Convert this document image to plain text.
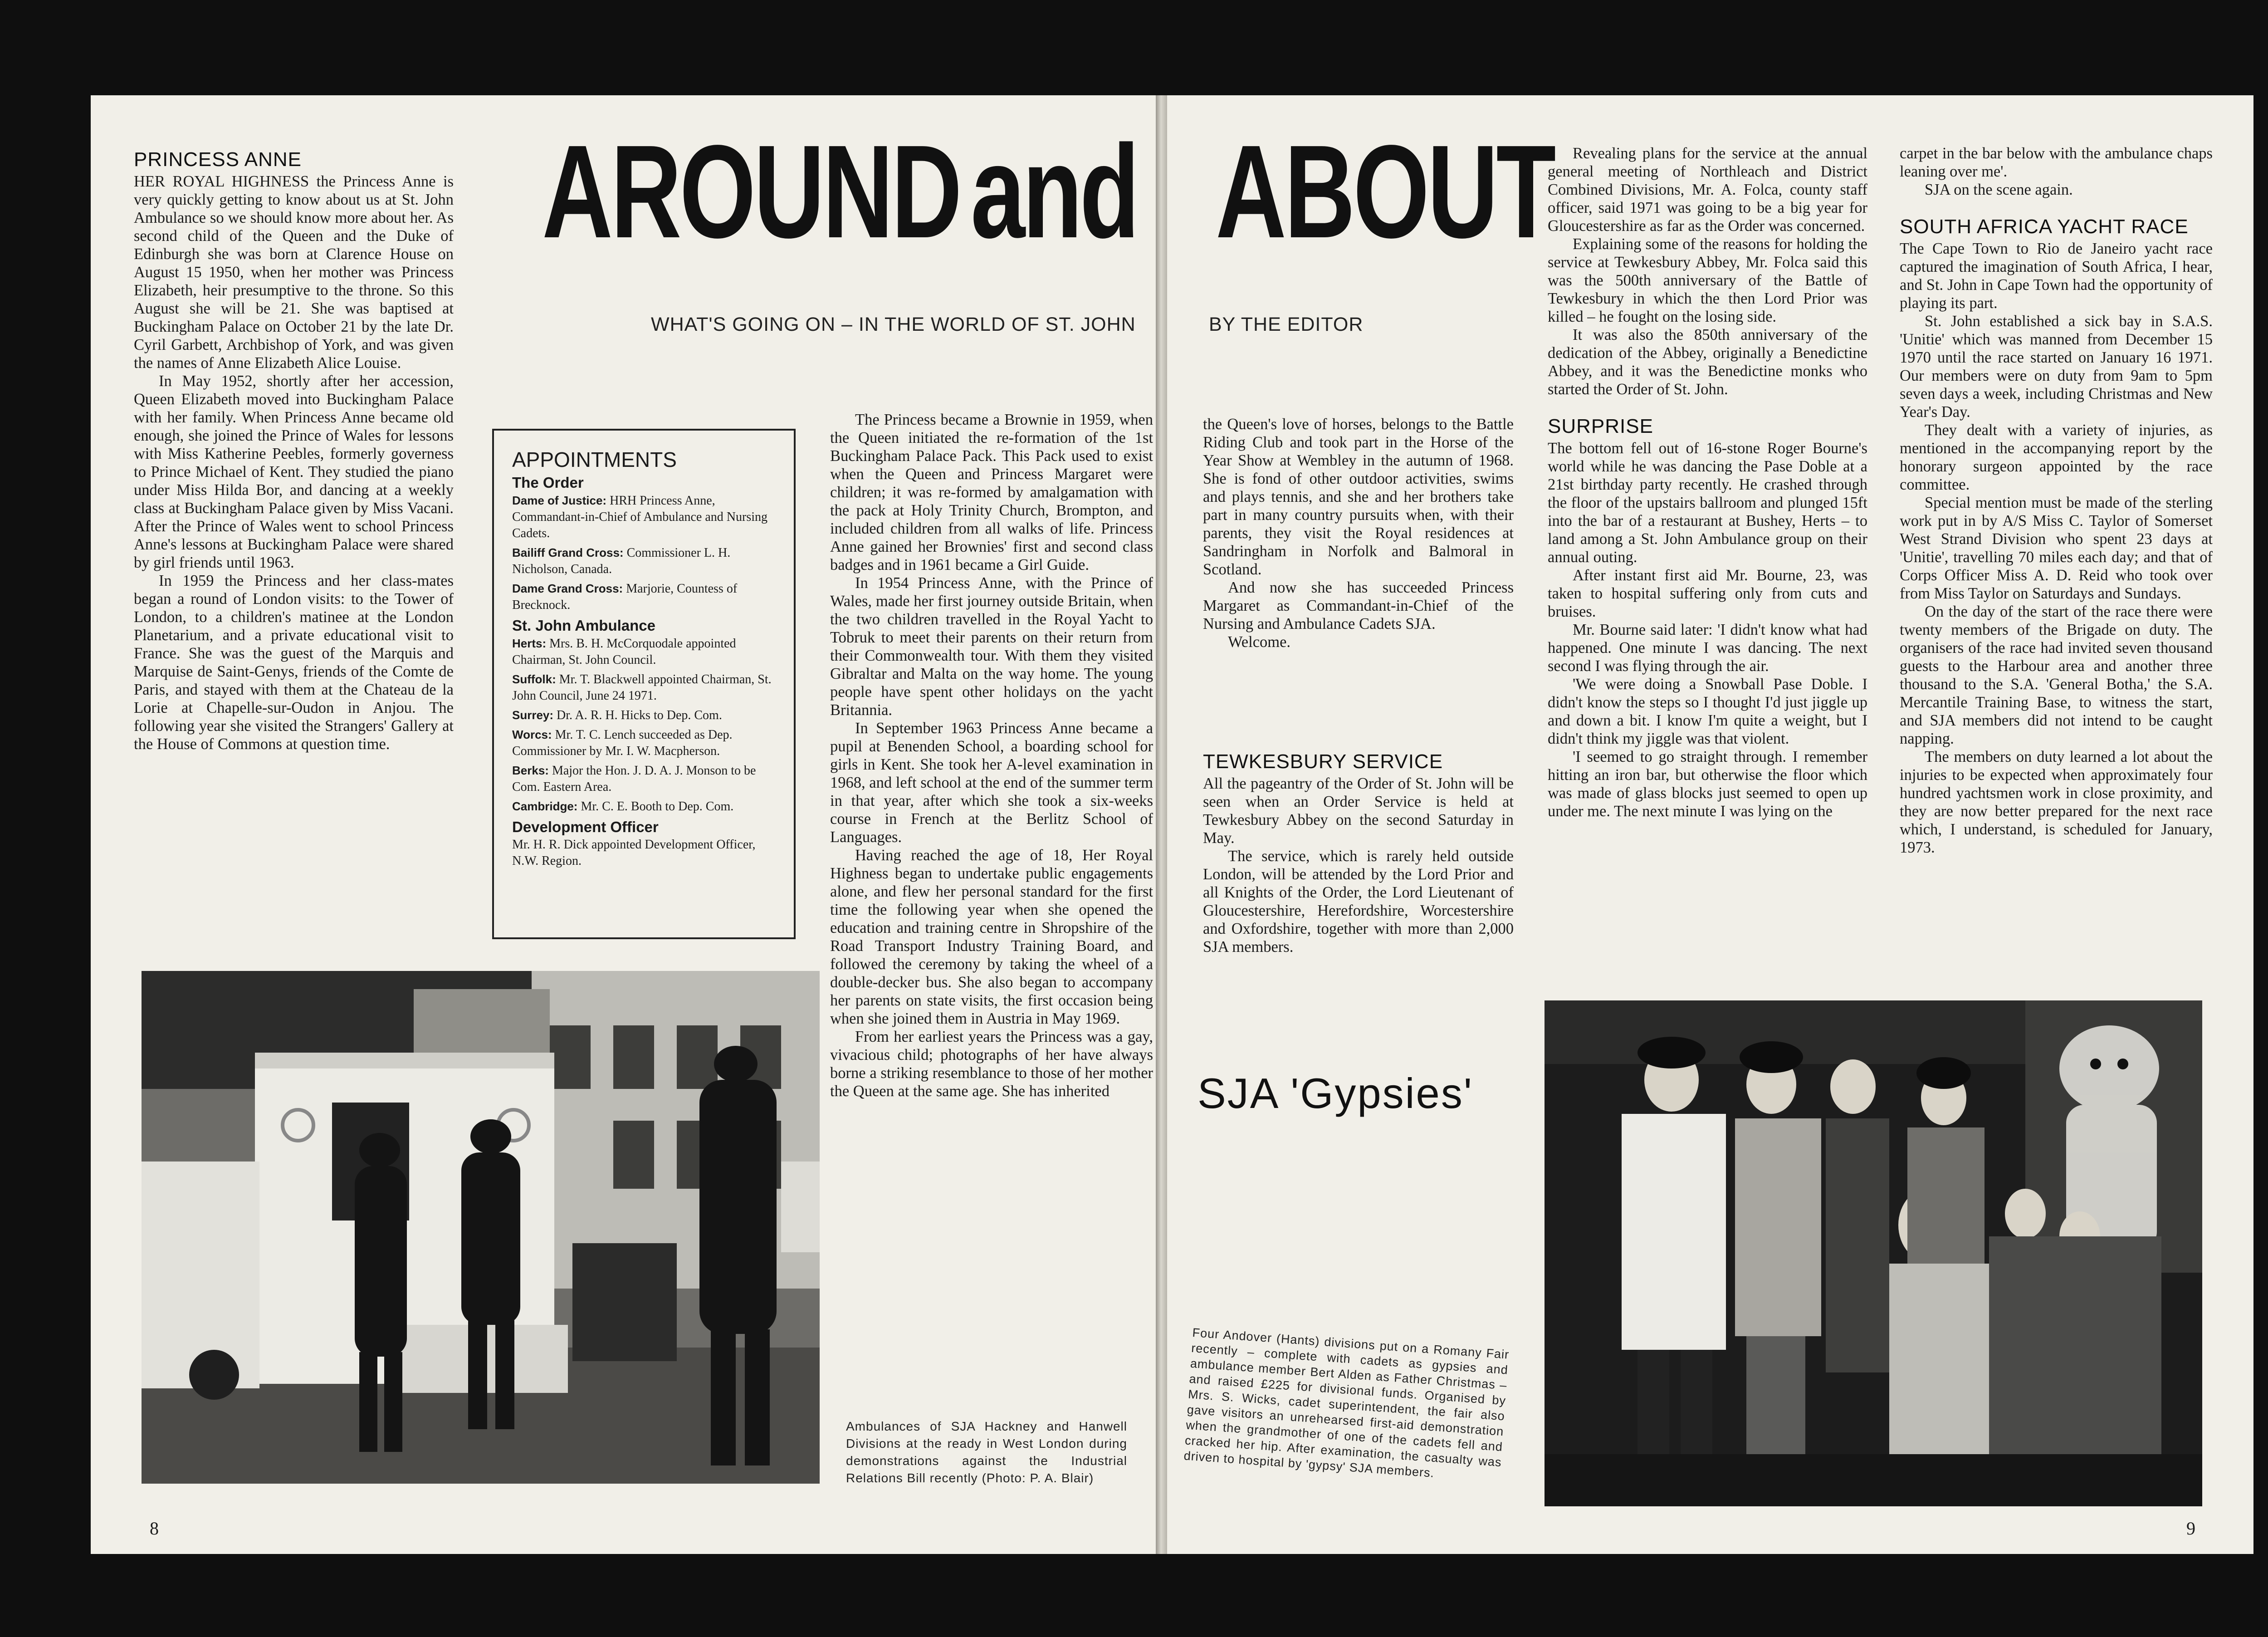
PRINCESS ANNE

HER ROYAL HIGHNESS the Princess Anne is very quickly getting to know about us at St. John Ambulance so we should know more about her. As second child of the Queen and the Duke of Edinburgh she was born at Clarence House on August 15 1950, when her mother was Princess Elizabeth, heir presumptive to the throne. So this August she will be 21. She was baptised at Buckingham Palace on October 21 by the late Dr. Cyril Garbett, Archbishop of York, and was given the names of Anne Elizabeth Alice Louise.

In May 1952, shortly after her accession, Queen Elizabeth moved into Buckingham Palace with her family. When Princess Anne became old enough, she joined the Prince of Wales for lessons with Miss Katherine Peebles, formerly governess to Prince Michael of Kent. They studied the piano under Miss Hilda Bor, and dancing at a weekly class at Buckingham Palace given by Miss Vacani. After the Prince of Wales went to school Princess Anne's lessons at Buckingham Palace were shared by girl friends until 1963.

In 1959 the Princess and her class-mates began a round of London visits: to the Tower of London, to a children's matinee at the London Planetarium, and a private educational visit to France. She was the guest of the Marquis and Marquise de Saint-Genys, friends of the Comte de Paris, and stayed with them at the Chateau de la Lorie at Chapelle-sur-Oudon in Anjou. The following year she visited the Strangers' Gallery at the House of Commons at question time.

AROUND and ABOUT
WHAT'S GOING ON – IN THE WORLD OF ST. JOHN	BY THE EDITOR
APPOINTMENTS
The Order

Dame of Justice: HRH Princess Anne, Commandant-in-Chief of Ambulance and Nursing Cadets.

Bailiff Grand Cross: Commissioner L. H. Nicholson, Canada.

Dame Grand Cross: Marjorie, Countess of Brecknock.

St. John Ambulance

Herts: Mrs. B. H. McCorquodale appointed Chairman, St. John Council.

Suffolk: Mr. T. Blackwell appointed Chairman, St. John Council, June 24 1971.

Surrey: Dr. A. R. H. Hicks to Dep. Com.

Worcs: Mr. T. C. Lench succeeded as Dep. Commissioner by Mr. I. W. Macpherson.

Berks: Major the Hon. J. D. A. J. Monson to be Com. Eastern Area.

Cambridge: Mr. C. E. Booth to Dep. Com.

Development Officer

Mr. H. R. Dick appointed Development Officer, N.W. Region.

The Princess became a Brownie in 1959, when the Queen initiated the re-formation of the 1st Buckingham Palace Pack. This Pack used to exist when the Queen and Princess Margaret were children; it was re-formed by amalgamation with the pack at Holy Trinity Church, Brompton, and included children from all walks of life. Princess Anne gained her Brownies' first and second class badges and in 1961 became a Girl Guide.

In 1954 Princess Anne, with the Prince of Wales, made her first journey outside Britain, when the two children travelled in the Royal Yacht to Tobruk to meet their parents on their return from their Commonwealth tour. With them they visited Gibraltar and Malta on the way home. The young people have spent other holidays on the yacht Britannia.

In September 1963 Princess Anne became a pupil at Benenden School, a boarding school for girls in Kent. She took her A-level examination in 1968, and left school at the end of the summer term in that year, after which she took a six-weeks course in French at the Berlitz School of Languages.

Having reached the age of 18, Her Royal Highness began to undertake public engagements alone, and flew her personal standard for the first time the following year when she opened the education and training centre in Shropshire of the Road Transport Industry Training Board, and followed the ceremony by taking the wheel of a double-decker bus. She also began to accompany her parents on state visits, the first occasion being when she joined them in Austria in May 1969.

From her earliest years the Princess was a gay, vivacious child; photographs of her have always borne a striking resemblance to those of her mother the Queen at the same age. She has inherited

Ambulances of SJA Hackney and Hanwell Divisions at the ready in West London during demonstrations against the Industrial Relations Bill recently (Photo: P. A. Blair)
8

the Queen's love of horses, belongs to the Battle Riding Club and took part in the Horse of the Year Show at Wembley in the autumn of 1968. She is fond of other outdoor activities, swims and plays tennis, and she and her brothers take part in many country pursuits when, with their parents, they visit the Royal residences at Sandringham in Norfolk and Balmoral in Scotland.

And now she has succeeded Princess Margaret as Commandant-in-Chief of the Nursing and Ambulance Cadets SJA.

Welcome.

TEWKESBURY SERVICE

All the pageantry of the Order of St. John will be seen when an Order Service is held at Tewkesbury Abbey on the second Saturday in May.

The service, which is rarely held outside London, will be attended by the Lord Prior and all Knights of the Order, the Lord Lieutenant of Gloucestershire, Herefordshire, Worcestershire and Oxfordshire, together with more than 2,000 SJA members.

SJA 'Gypsies'

Revealing plans for the service at the annual general meeting of Northleach and District Combined Divisions, Mr. A. Folca, county staff officer, said 1971 was going to be a big year for Gloucestershire as far as the Order was concerned.

Explaining some of the reasons for holding the service at Tewkesbury Abbey, Mr. Folca said this was the 500th anniversary of the Battle of Tewkesbury in which the then Lord Prior was killed – he fought on the losing side.

It was also the 850th anniversary of the dedication of the Abbey, originally a Benedictine Abbey, and it was the Benedictine monks who started the Order of St. John.

SURPRISE

The bottom fell out of 16-stone Roger Bourne's world while he was dancing the Pase Doble at a 21st birthday party recently. He crashed through the floor of the upstairs ballroom and plunged 15ft into the bar of a restaurant at Bushey, Herts – to land among a St. John Ambulance group on their annual outing.

After instant first aid Mr. Bourne, 23, was taken to hospital suffering only from cuts and bruises.

Mr. Bourne said later: 'I didn't know what had happened. One minute I was dancing. The next second I was flying through the air.

'We were doing a Snowball Pase Doble. I didn't know the steps so I thought I'd just jiggle up and down a bit. I know I'm quite a weight, but I didn't think my jiggle was that violent.

'I seemed to go straight through. I remember hitting an iron bar, but otherwise the floor which was made of glass blocks just seemed to open up under me. The next minute I was lying on the

carpet in the bar below with the ambulance chaps leaning over me'.

SJA on the scene again.

SOUTH AFRICA YACHT RACE

The Cape Town to Rio de Janeiro yacht race captured the imagination of South Africa, I hear, and St. John in Cape Town had the opportunity of playing its part.

St. John established a sick bay in S.A.S. 'Unitie' which was manned from December 15 1970 until the race started on January 16 1971. Our members were on duty from 9am to 5pm seven days a week, including Christmas and New Year's Day.

They dealt with a variety of injuries, as mentioned in the accompanying report by the honorary surgeon appointed by the race committee.

Special mention must be made of the sterling work put in by A/S Miss C. Taylor of Somerset West Strand Division who spent 23 days at 'Unitie', travelling 70 miles each day; and that of Corps Officer Miss A. D. Reid who took over from Miss Taylor on Saturdays and Sundays.

On the day of the start of the race there were twenty members of the Brigade on duty. The organisers of the race had invited seven thousand guests to the Harbour area and another three thousand to the S.A. 'General Botha,' the S.A. Mercantile Training Base, to witness the start, and SJA members did not intend to be caught napping.

The members on duty learned a lot about the injuries to be expected when approximately four hundred yachtsmen work in close proximity, and they are now better prepared for the next race which, I understand, is scheduled for January, 1973.

Four Andover (Hants) divisions put on a Romany Fair recently – complete with cadets as gypsies and ambulance member Bert Alden as Father Christmas – and raised £225 for divisional funds. Organised by Mrs. S. Wicks, cadet superintendent, the fair also gave visitors an unrehearsed first-aid demonstration when the grandmother of one of the cadets fell and cracked her hip. After examination, the casualty was driven to hospital by 'gypsy' SJA members.
9
